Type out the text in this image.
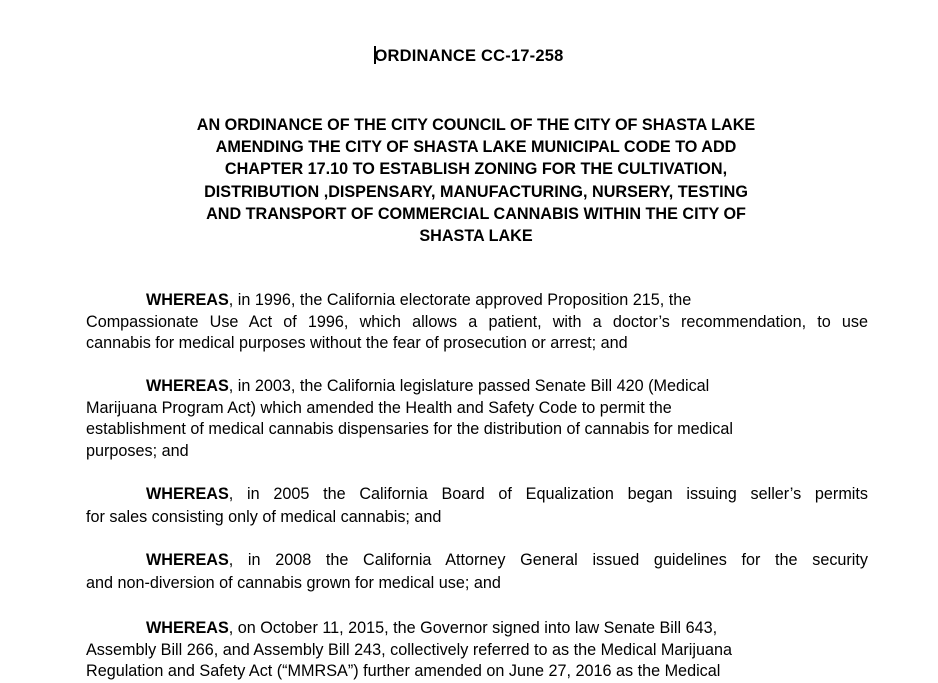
ORDINANCE CC-17-258
AN ORDINANCE OF THE CITY COUNCIL OF THE CITY OF SHASTA LAKE
AMENDING THE CITY OF SHASTA LAKE MUNICIPAL CODE TO ADD
CHAPTER 17.10 TO ESTABLISH ZONING FOR THE CULTIVATION,
DISTRIBUTION ,DISPENSARY, MANUFACTURING, NURSERY, TESTING
AND TRANSPORT OF COMMERCIAL CANNABIS WITHIN THE CITY OF
SHASTA LAKE
WHEREAS, in 1996, the California electorate approved Proposition 215, the
Compassionate Use Act of 1996, which allows a patient, with a doctor’s recommendation, to use
cannabis for medical purposes without the fear of prosecution or arrest; and
WHEREAS, in 2003, the California legislature passed Senate Bill 420 (Medical
Marijuana Program Act) which amended the Health and Safety Code to permit the
establishment of medical cannabis dispensaries for the distribution of cannabis for medical
purposes; and
WHEREAS, in 2005 the California Board of Equalization began issuing seller’s permits
for sales consisting only of medical cannabis; and
WHEREAS, in 2008 the California Attorney General issued guidelines for the security
and non-diversion of cannabis grown for medical use; and
WHEREAS, on October 11, 2015, the Governor signed into law Senate Bill 643,
Assembly Bill 266, and Assembly Bill 243, collectively referred to as the Medical Marijuana
Regulation and Safety Act (“MMRSA”) further amended on June 27, 2016 as the Medical
